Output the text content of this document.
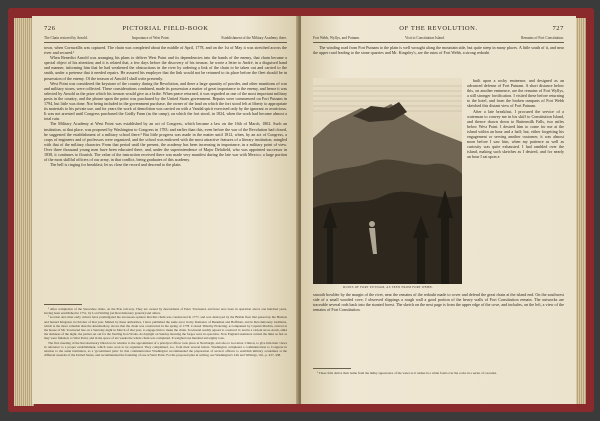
726	PICTORIAL FIELD-BOOK
The Chain restored by Arnold.	Importance of West Point.	Establishment of the Military Academy there.

town, when Cornwallis was captured. The chain was completed about the middle of April, 1778, and on the 1st of May it was stretched across the river and secured.¹

When Benedict Arnold was arranging his plans to deliver West Point and its dependencies into the hands of the enemy, that chain became a special object of his attention; and it is related that, a few days before the discovery of his treason, he wrote a letter to André, in a disguised hand and manner, informing him that he had weakened the obstructions in the river by ordering a link of the chain to be taken out and carried to the smith, under a pretense that it needed repairs. He assured his employer that the link would not be returned to its place before the fleet should be in possession of the enemy. Of the treason of Arnold I shall write presently.

West Point was considered the keystone of the country during the Revolution, and there a large quantity of powder, and other munitions of war and military stores, were collected. These considerations combined, made its possession a matter of great importance to the enemy, and hence it was selected by Arnold as the prize which his treason would give as a bribe. When peace returned, it was regarded as one of the most important military posts in the country, and the phrase upon the point was purchased by the United States government. Repairs were commenced on Fort Putnam in 1794, but little was done. Nor being included in the government purchase, the owner of the land on which the fort stood felt at liberty to appropriate its materials to his private use, and for years the work of demolition was carried on with a Vandal spirit exercised only by the ignorant or avaricious. It was not arrested until Congress purchased the Gridly Farm (as the camp), on which the fort stood, in 1824, when the work had become almost a total ruin.

The Military Academy at West Point was established by an act of Congress, which became a law on the 16th of March, 1802. Such an institution, at that place, was proposed by Washington to Congress in 1783; and earlier than this, even before the war of the Revolution had closed, he suggested the establishment of a military school there.² But little progress was made in the matter until 1812, when, by an act of Congress, a corps of engineers and of professors were organized, and the school was endowed with the most attractive features of a literary institution, mingled with that of the military character. From that period until the present, the academy has been increasing in importance, in a military point of view. Over three thousand young men have been educated there, and, under the superintendence of Major Delafield, who was appointed successor in 1838, it continues to flourish. The value of the instruction received there was made very manifest during the late war with Mexico; a large portion of the most skillful officers of our army, in that conflict, being graduates of this academy.

The bell is ringing for breakfast; let us close the record and descend to the plain.

¹ After completion of the Snowshoe chain, on the Erie rail-way. They are owned by descendants of Peter Townsend, and have now been in operation above one hundred years, having been established in 1751, by Lord Stirling (an Revolutionary general) and others.

² Gordon and other early writers have promulgated the erroneous opinion that this chain was constructed in 1777, and was destroyed by the British fleet that passed up the Hudson and burned Kingston in October of that year. Misled by these authorities, I have published the same error in my Romance of Beekman and Hoffman, and in Revolutionary traditions, which is the more valuable than the Intermediary, shows that the chain was constructed in the spring of 1778. Colonel Timothy Pickering, accompanied by Captain Machin, arrived at the house of Mr. Townsend late on a Saturday night in March of that year, to engage him to make the chain. Townsend readily agreed to construct it; and in a violent snow-storm, amid the darkness of the night, the parties set out for the Sterling Iron Works. At daylight on Sunday morning the forges were in operation. Now England teamsters carried the links as fast as they were finished, to West Point, and in the space of six weeks the whole chain was completed. It weighed one hundred and eighty tons.

The first meeting of the Revolutionary Directors in relation to the appointment of a principal officer took place at Newburgh, and also to Governor Clinton, to give him their views in reference to a proper establishment, which were soon to be organized. They complained, too, from their several letters. Washington completed a communication to Congress in relation to the same institution, as a 'government plan.' In that communication Washington recommended the preparation of several officers to establish military academies at the different arsenals of the United States, and recommended the founding of one at West Point. For his proposed plan in writing, see Washington's Life and Writings, viii., p. 437, 438.

OF THE REVOLUTION.	727
Fort Webb, Wyllys, and Putnam.	Visit to Constitution Island.	Remains of Fort Constitution.

The winding road from Fort Putnam to the plain is well wrought along the mountain side, but quite steep in many places. A little south of it, and near the upper road leading to the stone quarries and Mr. Kingsley's, are the ruins of Fort Webb, a strong redoubt

built upon a rocky eminence, and designed as an advanced defense of Fort Putnam. A short distance below this, on another eminence, are the remains of Fort Wyllys, a still stronger fortification. I visited these before returning to the hotel, and from the broken ramparts of Fort Webb sketched this distant view of Fort Putnam.

After a late breakfast, I procured the service of a waterman to convey me in his skiff to Constitution Island, and thence drawn down to Buttermilk Falls, two miles below West Point. I desired him to come for me at the island within an hour and a half; but, either forgetting his engagement or serving another customer, it was almost noon before I saw him, when my patience as well as curiosity was quite exhausted. I had rambled over the island, making such sketches as I desired, and for nearly an hour I sat upon a

RUINS OF FORT PUTNAM, AS SEEN FROM FORT WEBB.

smooth bowlder by the margin of the river, near the remains of the redoubt made to cover and defend the great chain at the island end. On the southwest side of a small wooded cove, I observed slippings a rough wall a good portion of the heavy walls of Fort Constitution remain. The outworks are traceable several rods back into the stunted forest. The sketch on the next page is from the upper edge of the cove, and includes, on the left, a view of the remains of Fort Constitution.

¹ These falls derive their name from the milky appearance of the water as it rushes in a white foam over the rocks in a series of cascades.
